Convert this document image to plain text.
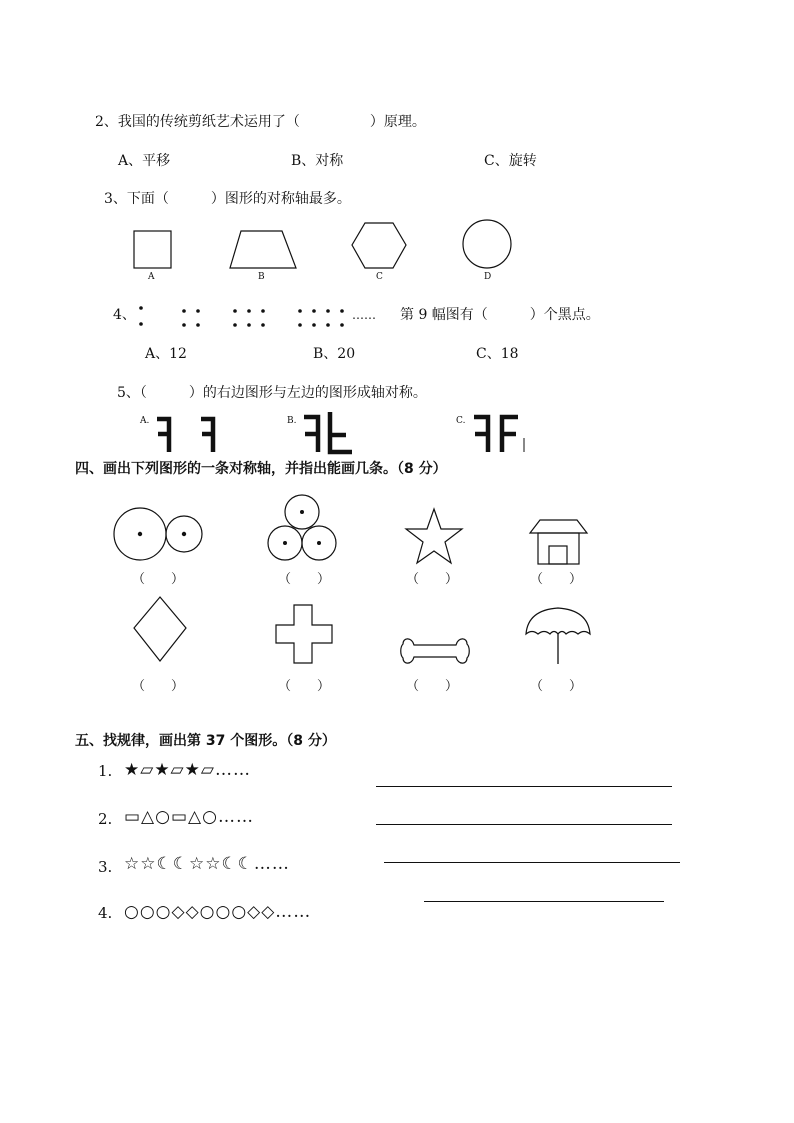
2、我国的传统剪纸艺术运用了（　　　　　）原理。
A、平移	B、对称	C、旋转
3、下面（　　　）图形的对称轴最多。
A	B	C	D
4、	…… 第 9 幅图有（　　　）个黑点。
A、12	B、20	C、18
5、（　　　）的右边图形与左边的图形成轴对称。
A.	B.	C.
四、画出下列图形的一条对称轴，并指出能画几条。（8 分）
（　　）	（　　）	（　　）	（　　）
（　　）	（　　）	（　　）	（　　）
五、找规律，画出第 37 个图形。（8 分）
1. ★▱★▱★▱……
2. ▭△○▭△○……
3. ☆☆☾☾☆☆☾☾……
4. ○○○◇◇○○○◇◇……
